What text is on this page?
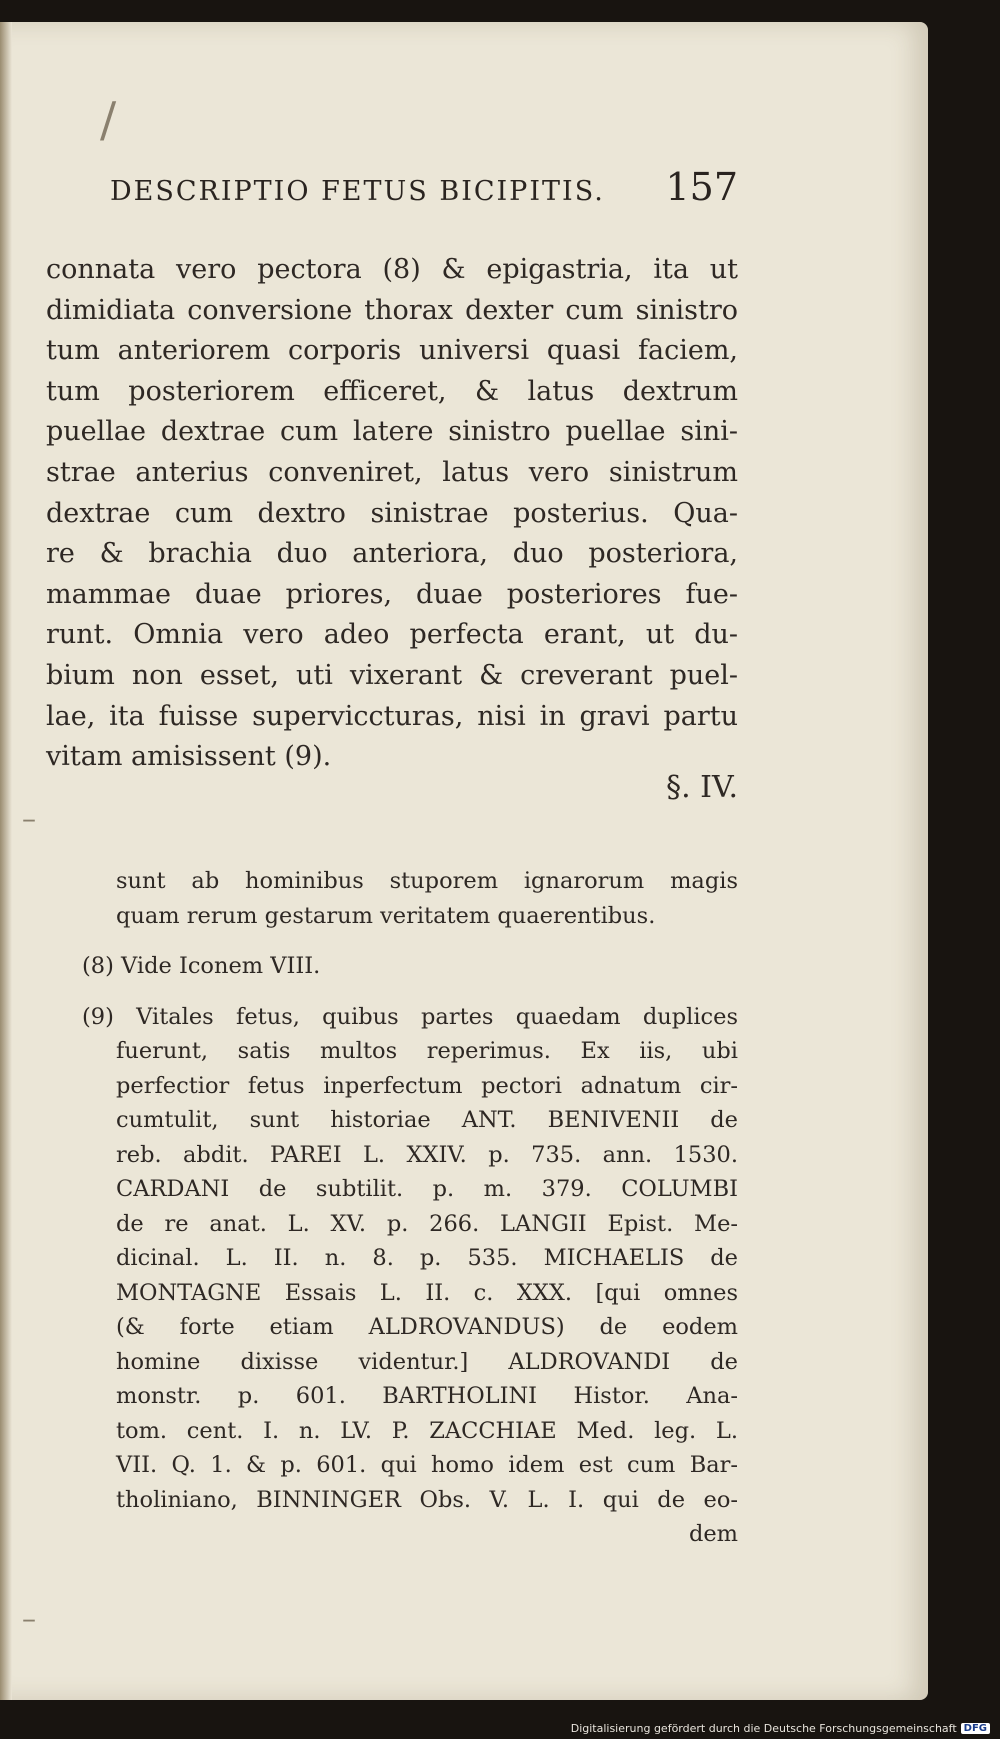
/
–
–
DESCRIPTIO FETUS BICIPITIS. 157
connata vero pectora (8) & epigastria, ita ut
dimidiata conversione thorax dexter cum sinistro
tum anteriorem corporis universi quasi faciem,
tum posteriorem efficeret, & latus dextrum
puellae dextrae cum latere sinistro puellae sini-
strae anterius conveniret, latus vero sinistrum
dextrae cum dextro sinistrae posterius. Qua-
re & brachia duo anteriora, duo posteriora,
mammae duae priores, duae posteriores fue-
runt. Omnia vero adeo perfecta erant, ut du-
bium non esset, uti vixerant & creverant puel-
lae, ita fuisse superviccturas, nisi in gravi partu
vitam amisissent (9).
§. IV.
sunt ab hominibus stuporem ignarorum magis
quam rerum gestarum veritatem quaerentibus.
(8) Vide Iconem VIII.
(9) Vitales fetus, quibus partes quaedam duplices
fuerunt, satis multos reperimus. Ex iis, ubi
perfectior fetus inperfectum pectori adnatum cir-
cumtulit, sunt historiae ANT. BENIVENII de
reb. abdit. PAREI L. XXIV. p. 735. ann. 1530.
CARDANI de subtilit. p. m. 379. COLUMBI
de re anat. L. XV. p. 266. LANGII Epist. Me-
dicinal. L. II. n. 8. p. 535. MICHAELIS de
MONTAGNE Essais L. II. c. XXX. [qui omnes
(& forte etiam ALDROVANDUS) de eodem
homine dixisse videntur.] ALDROVANDI de
monstr. p. 601. BARTHOLINI Histor. Ana-
tom. cent. I. n. LV. P. ZACCHIAE Med. leg. L.
VII. Q. 1. & p. 601. qui homo idem est cum Bar-
tholiniano, BINNINGER Obs. V. L. I. qui de eo-
dem
Digitalisierung gefördert durch die Deutsche Forschungsgemeinschaft DFG
